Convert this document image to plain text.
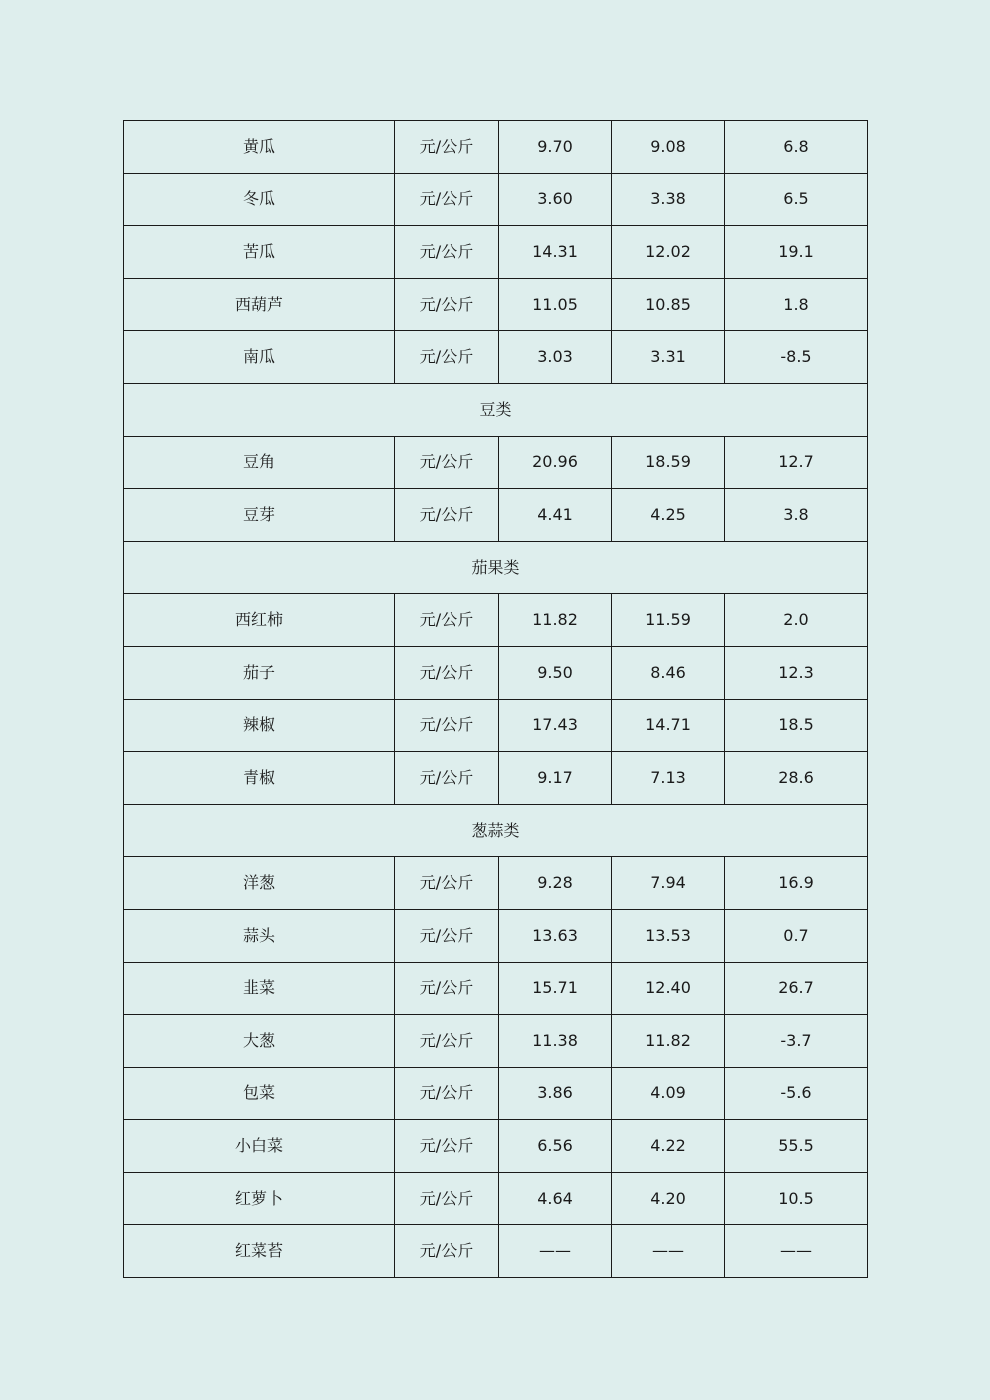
黄瓜	元/公斤	9.70	9.08	6.8
冬瓜	元/公斤	3.60	3.38	6.5
苦瓜	元/公斤	14.31	12.02	19.1
西葫芦	元/公斤	11.05	10.85	1.8
南瓜	元/公斤	3.03	3.31	-8.5
豆类				
豆角	元/公斤	20.96	18.59	12.7
豆芽	元/公斤	4.41	4.25	3.8
茄果类				
西红柿	元/公斤	11.82	11.59	2.0
茄子	元/公斤	9.50	8.46	12.3
辣椒	元/公斤	17.43	14.71	18.5
青椒	元/公斤	9.17	7.13	28.6
葱蒜类				
洋葱	元/公斤	9.28	7.94	16.9
蒜头	元/公斤	13.63	13.53	0.7
韭菜	元/公斤	15.71	12.40	26.7
大葱	元/公斤	11.38	11.82	-3.7
包菜	元/公斤	3.86	4.09	-5.6
小白菜	元/公斤	6.56	4.22	55.5
红萝卜	元/公斤	4.64	4.20	10.5
红菜苔	元/公斤	——	——	——
